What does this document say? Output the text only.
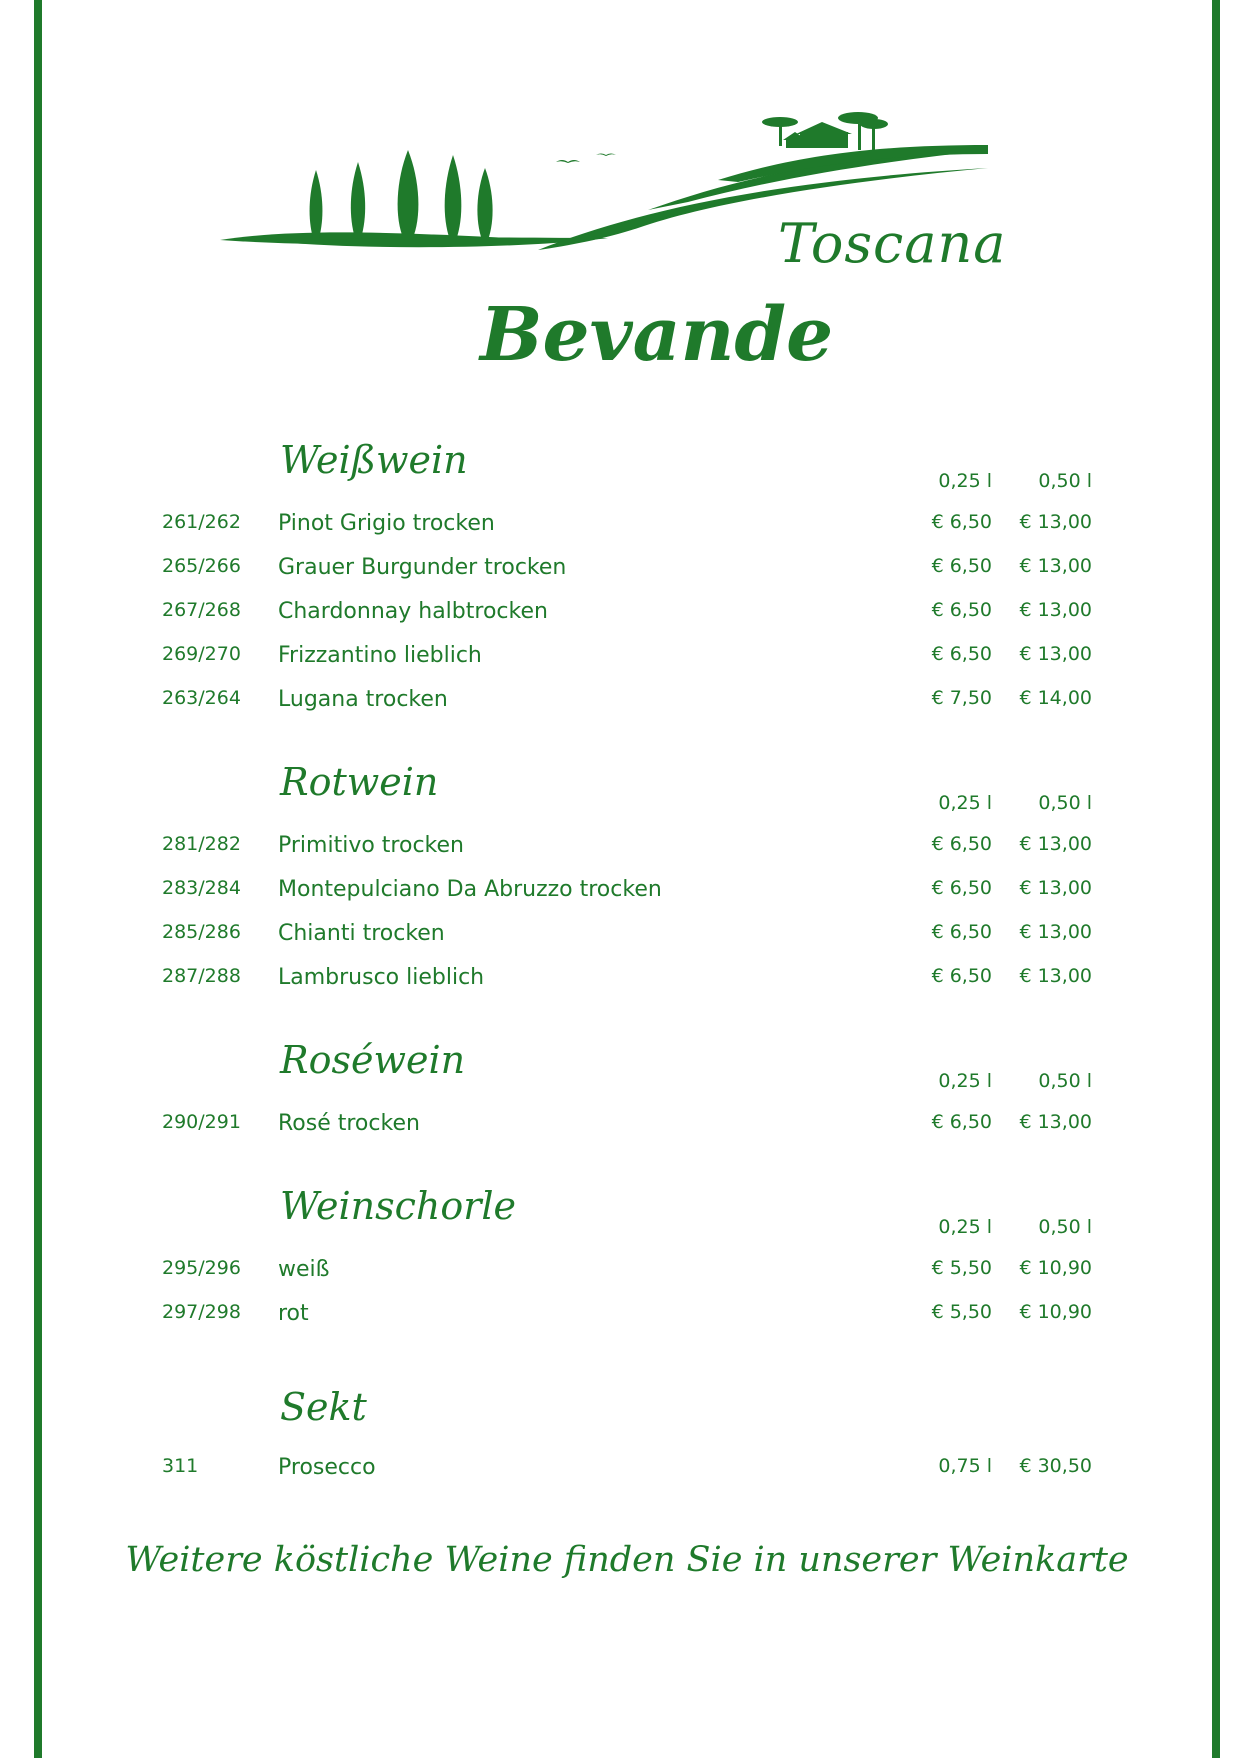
Toscana
Bevande
Weißwein	0,25 l	0,50 l
261/262 Pinot Grigio trocken	€ 6,50	€ 13,00
265/266 Grauer Burgunder trocken	€ 6,50	€ 13,00
267/268 Chardonnay halbtrocken	€ 6,50	€ 13,00
269/270 Frizzantino lieblich	€ 6,50	€ 13,00
263/264 Lugana trocken	€ 7,50	€ 14,00
Rotwein	0,25 l	0,50 l
281/282 Primitivo trocken	€ 6,50	€ 13,00
283/284 Montepulciano Da Abruzzo trocken	€ 6,50	€ 13,00
285/286 Chianti trocken	€ 6,50	€ 13,00
287/288 Lambrusco lieblich	€ 6,50	€ 13,00
Roséwein	0,25 l	0,50 l
290/291 Rosé trocken	€ 6,50	€ 13,00
Weinschorle	0,25 l	0,50 l
295/296 weiß	€ 5,50	€ 10,90
297/298 rot	€ 5,50	€ 10,90
Sekt
311	Prosecco	0,75 l	€ 30,50
Weitere köstliche Weine finden Sie in unserer Weinkarte
